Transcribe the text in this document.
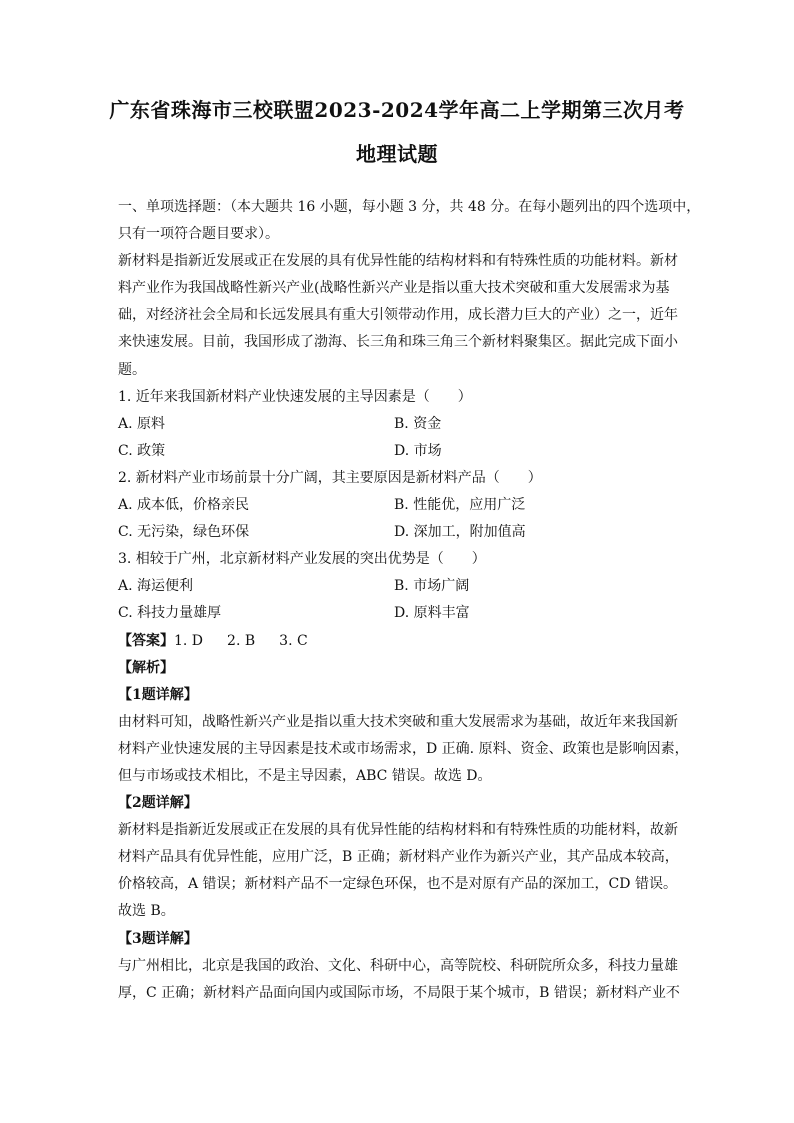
广东省珠海市三校联盟2023-2024学年高二上学期第三次月考
地理试题

一、单项选择题：（本大题共 16 小题，每小题 3 分，共 48 分。在每小题列出的四个选项中，

只有一项符合题目要求）。

新材料是指新近发展或正在发展的具有优异性能的结构材料和有特殊性质的功能材料。新材

料产业作为我国战略性新兴产业(战略性新兴产业是指以重大技术突破和重大发展需求为基

础，对经济社会全局和长远发展具有重大引领带动作用，成长潜力巨大的产业）之一，近年

来快速发展。目前，我国形成了渤海、长三角和珠三角三个新材料聚集区。据此完成下面小

题。

1. 近年来我国新材料产业快速发展的主导因素是（　　）

A. 原料	B. 资金

C. 政策	D. 市场

2. 新材料产业市场前景十分广阔，其主要原因是新材料产品（　　）

A. 成本低，价格亲民	B. 性能优，应用广泛

C. 无污染，绿色环保	D. 深加工，附加值高

3. 相较于广州，北京新材料产业发展的突出优势是（　　）

A. 海运便利	B. 市场广阔

C. 科技力量雄厚	D. 原料丰富

【答案】1. D 2. B 3. C

【解析】

【1题详解】

由材料可知，战略性新兴产业是指以重大技术突破和重大发展需求为基础，故近年来我国新

材料产业快速发展的主导因素是技术或市场需求，D 正确. 原料、资金、政策也是影响因素，

但与市场或技术相比，不是主导因素，ABC 错误。故选 D。

【2题详解】

新材料是指新近发展或正在发展的具有优异性能的结构材料和有特殊性质的功能材料，故新

材料产品具有优异性能，应用广泛，B 正确；新材料产业作为新兴产业，其产品成本较高，

价格较高，A 错误；新材料产品不一定绿色环保，也不是对原有产品的深加工，CD 错误。

故选 B。

【3题详解】

与广州相比，北京是我国的政治、文化、科研中心，高等院校、科研院所众多，科技力量雄

厚，C 正确；新材料产品面向国内或国际市场，不局限于某个城市，B 错误；新材料产业不
